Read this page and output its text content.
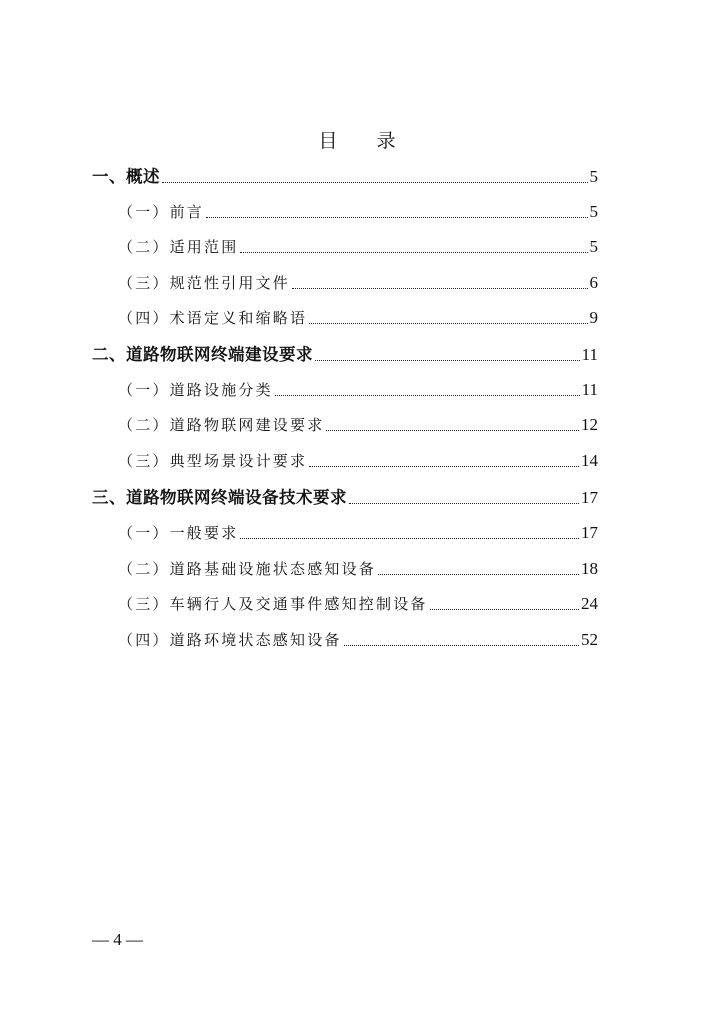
目　录
一、概述	5
（一）前言	5
（二）适用范围	5
（三）规范性引用文件	6
（四）术语定义和缩略语	9
二、道路物联网终端建设要求	11
（一）道路设施分类	11
（二）道路物联网建设要求	12
（三）典型场景设计要求	14
三、道路物联网终端设备技术要求	17
（一）一般要求	17
（二）道路基础设施状态感知设备	18
（三）车辆行人及交通事件感知控制设备	24
（四）道路环境状态感知设备	52
— 4 —
